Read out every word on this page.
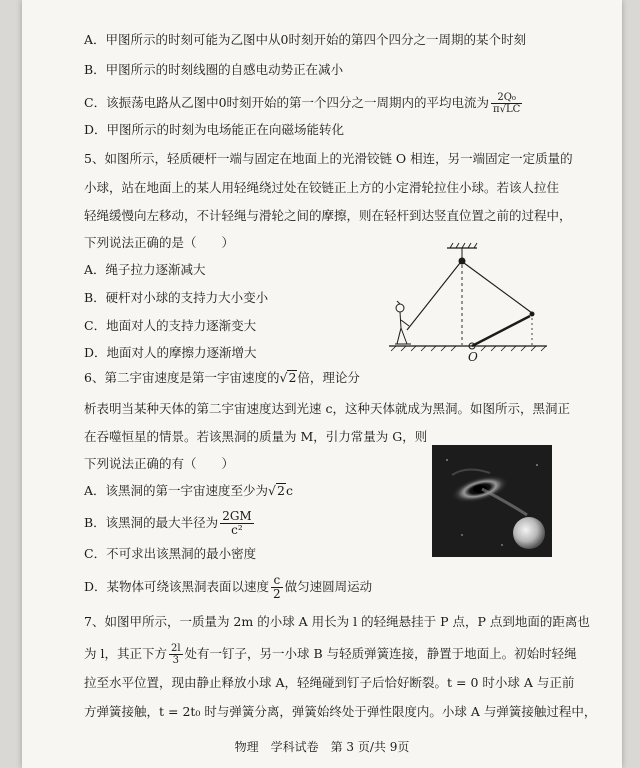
A．甲图所示的时刻可能为乙图中从0时刻开始的第四个四分之一周期的某个时刻
B．甲图所示的时刻线圈的自感电动势正在减小
C．该振荡电路从乙图中0时刻开始的第一个四分之一周期内的平均电流为 $\frac{\text{2Q₀}}{\pi√LC}$
D．甲图所示的时刻为电场能正在向磁场能转化
5、如图所示，轻质硬杆一端与固定在地面上的光滑铰链 O 相连，另一端固定一定质量的
小球，站在地面上的某人用轻绳绕过处在铰链正上方的小定滑轮拉住小球。若该人拉住
轻绳缓慢向左移动，不计轻绳与滑轮之间的摩擦，则在轻杆到达竖直位置之前的过程中，
下列说法正确的是（　　）
A．绳子拉力逐渐减大
B．硬杆对小球的支持力大小变小
C．地面对人的支持力逐渐变大
D．地面对人的摩擦力逐渐增大	O
6、第二宇宙速度是第一宇宙速度的√2倍，理论分
析表明当某种天体的第二宇宙速度达到光速 c，这种天体就成为黑洞。如图所示，黑洞正
在吞噬恒星的情景。若该黑洞的质量为 M，引力常量为 G，则
下列说法正确的有（　　）
A．该黑洞的第一宇宙速度至少为√2c
B．该黑洞的最大半径为 $\frac{2GM}{\text{c²}}$
C．不可求出该黑洞的最小密度
D．某物体可绕该黑洞表面以速度 $\frac{c}{2}$ 做匀速圆周运动
7、如图甲所示，一质量为 2m 的小球 A 用长为 l 的轻绳悬挂于 P 点，P 点到地面的距离也
为 l，其正下方 $\frac{2l}{3}$ 处有一钉子，另一小球 B 与轻质弹簧连接，静置于地面上。初始时轻绳
拉至水平位置，现由静止释放小球 A，轻绳碰到钉子后恰好断裂。t = 0 时小球 A 与正前
方弹簧接触，t = 2t₀ 时与弹簧分离，弹簧始终处于弹性限度内。小球 A 与弹簧接触过程中，
物理　学科试卷　第 3 页/共 9页
